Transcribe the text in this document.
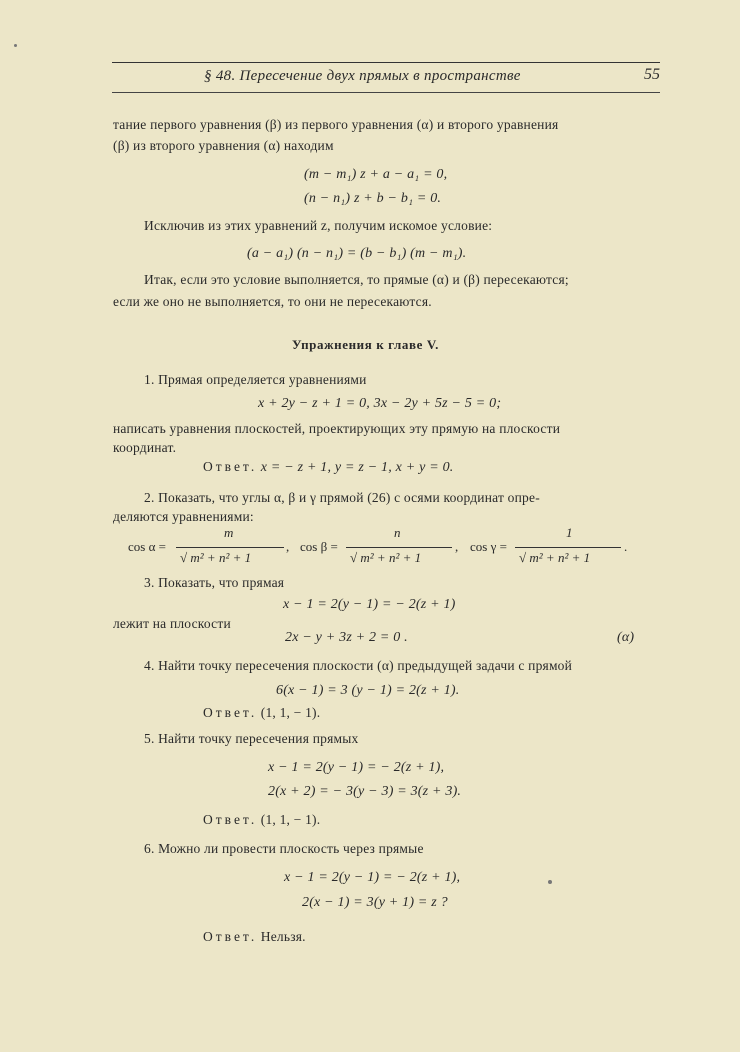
§ 48. Пересечение двух прямых в пространстве	55
тание первого уравнения (β) из первого уравнения (α) и второго уравнения
(β) из второго уравнения (α) находим
(m − m₁) z + a − a₁ = 0,
(n − n₁) z + b − b₁ = 0.
Исключив из этих уравнений z, получим искомое условие:
(a − a₁) (n − n₁) = (b − b₁) (m − m₁).
Итак, если это условие выполняется, то прямые (α) и (β) пересекаются;
если же оно не выполняется, то они не пересекаются.
Упражнения к главе V.
1. Прямая определяется уравнениями
x + 2y − z + 1 = 0, 3x − 2y + 5z − 5 = 0;
написать уравнения плоскостей, проектирующих эту прямую на плоскости
координат.
Ответ. x = − z + 1, y = z − 1, x + y = 0.
2. Показать, что углы α, β и γ прямой (26) с осями координат опре-
деляются уравнениями:
cos α =
m
√ m² + n² + 1
, cos β =
n
√ m² + n² + 1
, cos γ =
1
√ m² + n² + 1
.
3. Показать, что прямая
x − 1 = 2(y − 1) = − 2(z + 1)
лежит на плоскости
2x − y + 3z + 2 = 0 .	(α)
4. Найти точку пересечения плоскости (α) предыдущей задачи с прямой
6(x − 1) = 3 (y − 1) = 2(z + 1).
Ответ. (1, 1, − 1).
5. Найти точку пересечения прямых
x − 1 = 2(y − 1) = − 2(z + 1),
2(x + 2) = − 3(y − 3) = 3(z + 3).
Ответ. (1, 1, − 1).
6. Можно ли провести плоскость через прямые
x − 1 = 2(y − 1) = − 2(z + 1),
2(x − 1) = 3(y + 1) = z ?
Ответ. Нельзя.
